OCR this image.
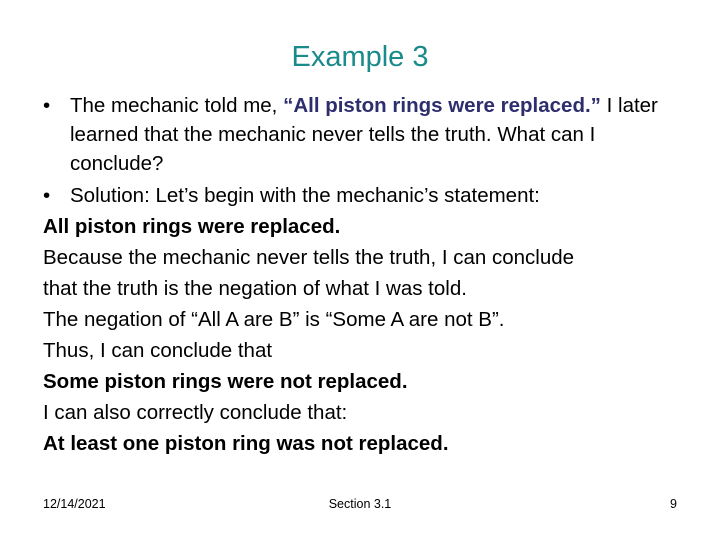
Example 3
• The mechanic told me, “All piston rings were replaced.” I later learned that the mechanic never tells the truth. What can I conclude?
• Solution: Let’s begin with the mechanic’s statement:
All piston rings were replaced.
Because the mechanic never tells the truth, I can conclude
that the truth is the negation of what I was told.
The negation of “All A are B” is “Some A are not B”.
Thus, I can conclude that
Some piston rings were not replaced.
I can also correctly conclude that:
At least one piston ring was not replaced.
12/14/2021	Section 3.1	9
